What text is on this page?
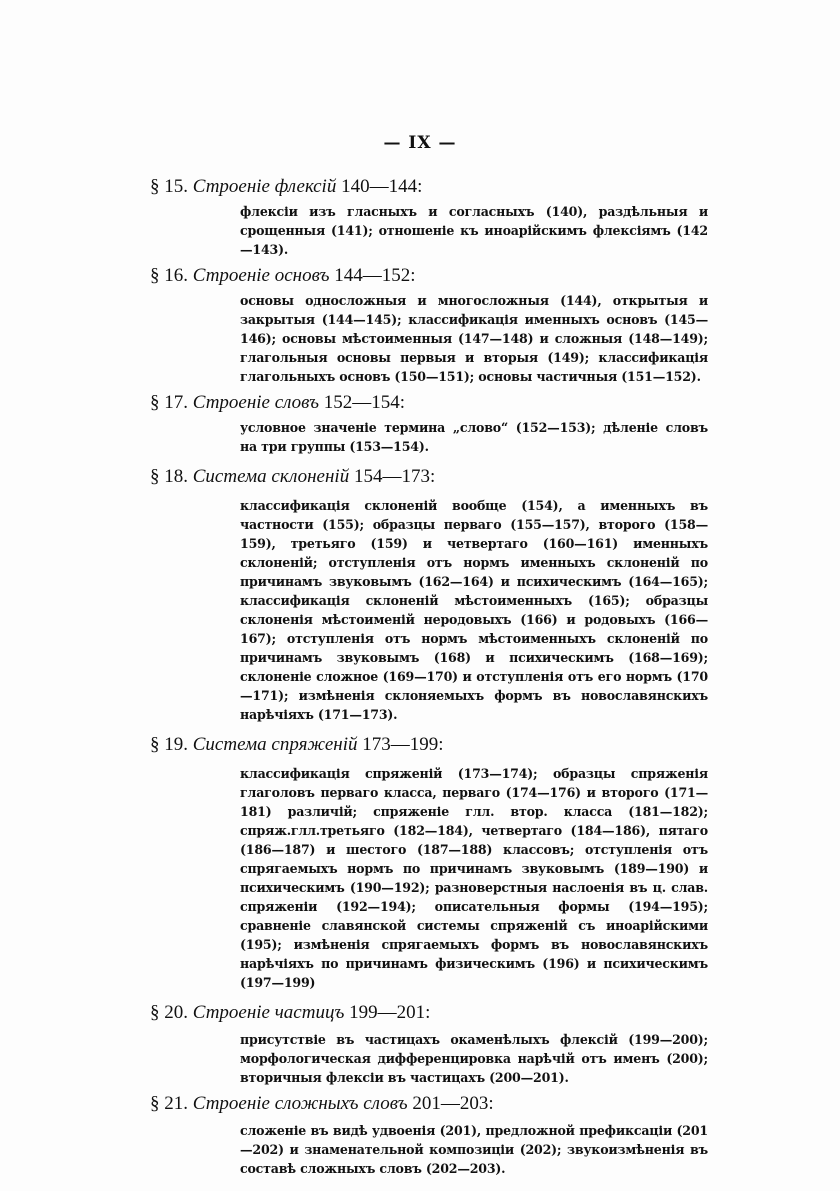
— IX —
§ 15. Строеніе флексій 140—144:
флексіи изъ гласныхъ и согласныхъ (140), раздѣльныя и срощенныя (141); отношеніе къ иноарійскимъ флексіямъ (142—143).
§ 16. Строеніе основъ 144—152:
основы односложныя и многосложныя (144), открытыя и закрытыя (144—145); классификація именныхъ основъ (145—146); основы мѣстоименныя (147—148) и сложныя (148—149); глагольныя основы первыя и вторыя (149); классификація глагольныхъ основъ (150—151); основы частичныя (151—152).
§ 17. Строеніе словъ 152—154:
условное значеніе термина „слово“ (152—153); дѣленіе словъ на три группы (153—154).
§ 18. Система склоненій 154—173:
классификація склоненій вообще (154), а именныхъ въ частности (155); образцы перваго (155—157), второго (158—159), третьяго (159) и четвертаго (160—161) именныхъ склоненій; отступленія отъ нормъ именныхъ склоненій по причинамъ звуковымъ (162—164) и психическимъ (164—165); классификація склоненій мѣстоименныхъ (165); образцы склоненія мѣстоименій неродовыхъ (166) и родовыхъ (166—167); отступленія отъ нормъ мѣстоименныхъ склоненій по причинамъ звуковымъ (168) и психическимъ (168—169); склоненіе сложное (169—170) и отступленія отъ его нормъ (170—171); измѣненія склоняемыхъ формъ въ новославянскихъ нарѣчіяхъ (171—173).
§ 19. Система спряженій 173—199:
классификація спряженій (173—174); образцы спряженія глаголовъ перваго класса, перваго (174—176) и второго (171—181) различій; спряженіе глл. втор. класса (181—182); спряж.глл.третьяго (182—184), четвертаго (184—186), пятаго (186—187) и шестого (187—188) классовъ; отступленія отъ спрягаемыхъ нормъ по причинамъ звуковымъ (189—190) и психическимъ (190—192); разноверстныя наслоенія въ ц. слав. спряженіи (192—194); описательныя формы (194—195); сравненіе славянской системы спряженій съ иноарійскими (195); измѣненія спрягаемыхъ формъ въ новославянскихъ нарѣчіяхъ по причинамъ физическимъ (196) и психическимъ (197—199)
§ 20. Строеніе частицъ 199—201:
присутствіе въ частицахъ окаменѣлыхъ флексій (199—200); морфологическая дифференцировка нарѣчій отъ именъ (200); вторичныя флексіи въ частицахъ (200—201).
§ 21. Строеніе сложныхъ словъ 201—203:
сложеніе въ видѣ удвоенія (201), предложной префиксаціи (201—202) и знаменательной композиціи (202); звукоизмѣненія въ составѣ сложныхъ словъ (202—203).
